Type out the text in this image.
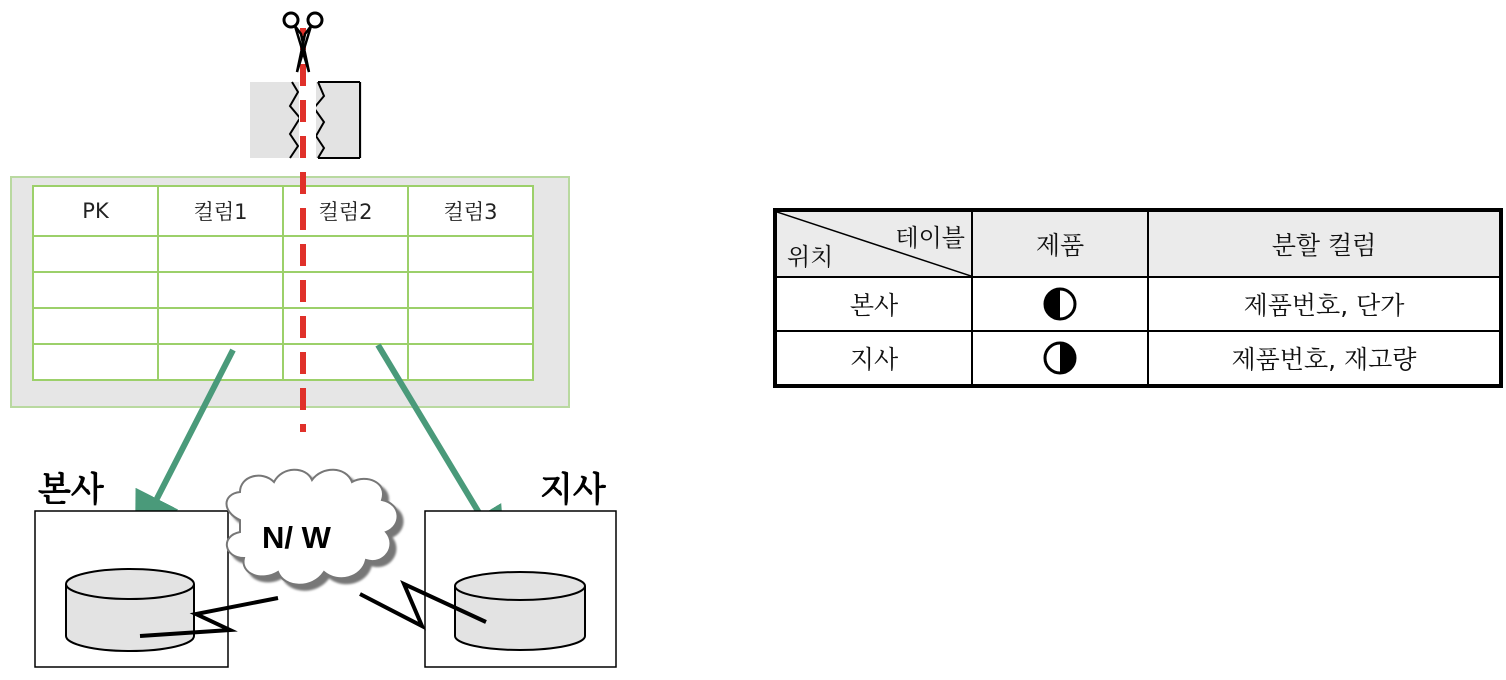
PK	컬럼1	컬럼2	컬럼3

본사	지사
N/ W
테이블
위치	제품	분할 컬럼
본사		제품번호, 단가
지사		제품번호, 재고량
